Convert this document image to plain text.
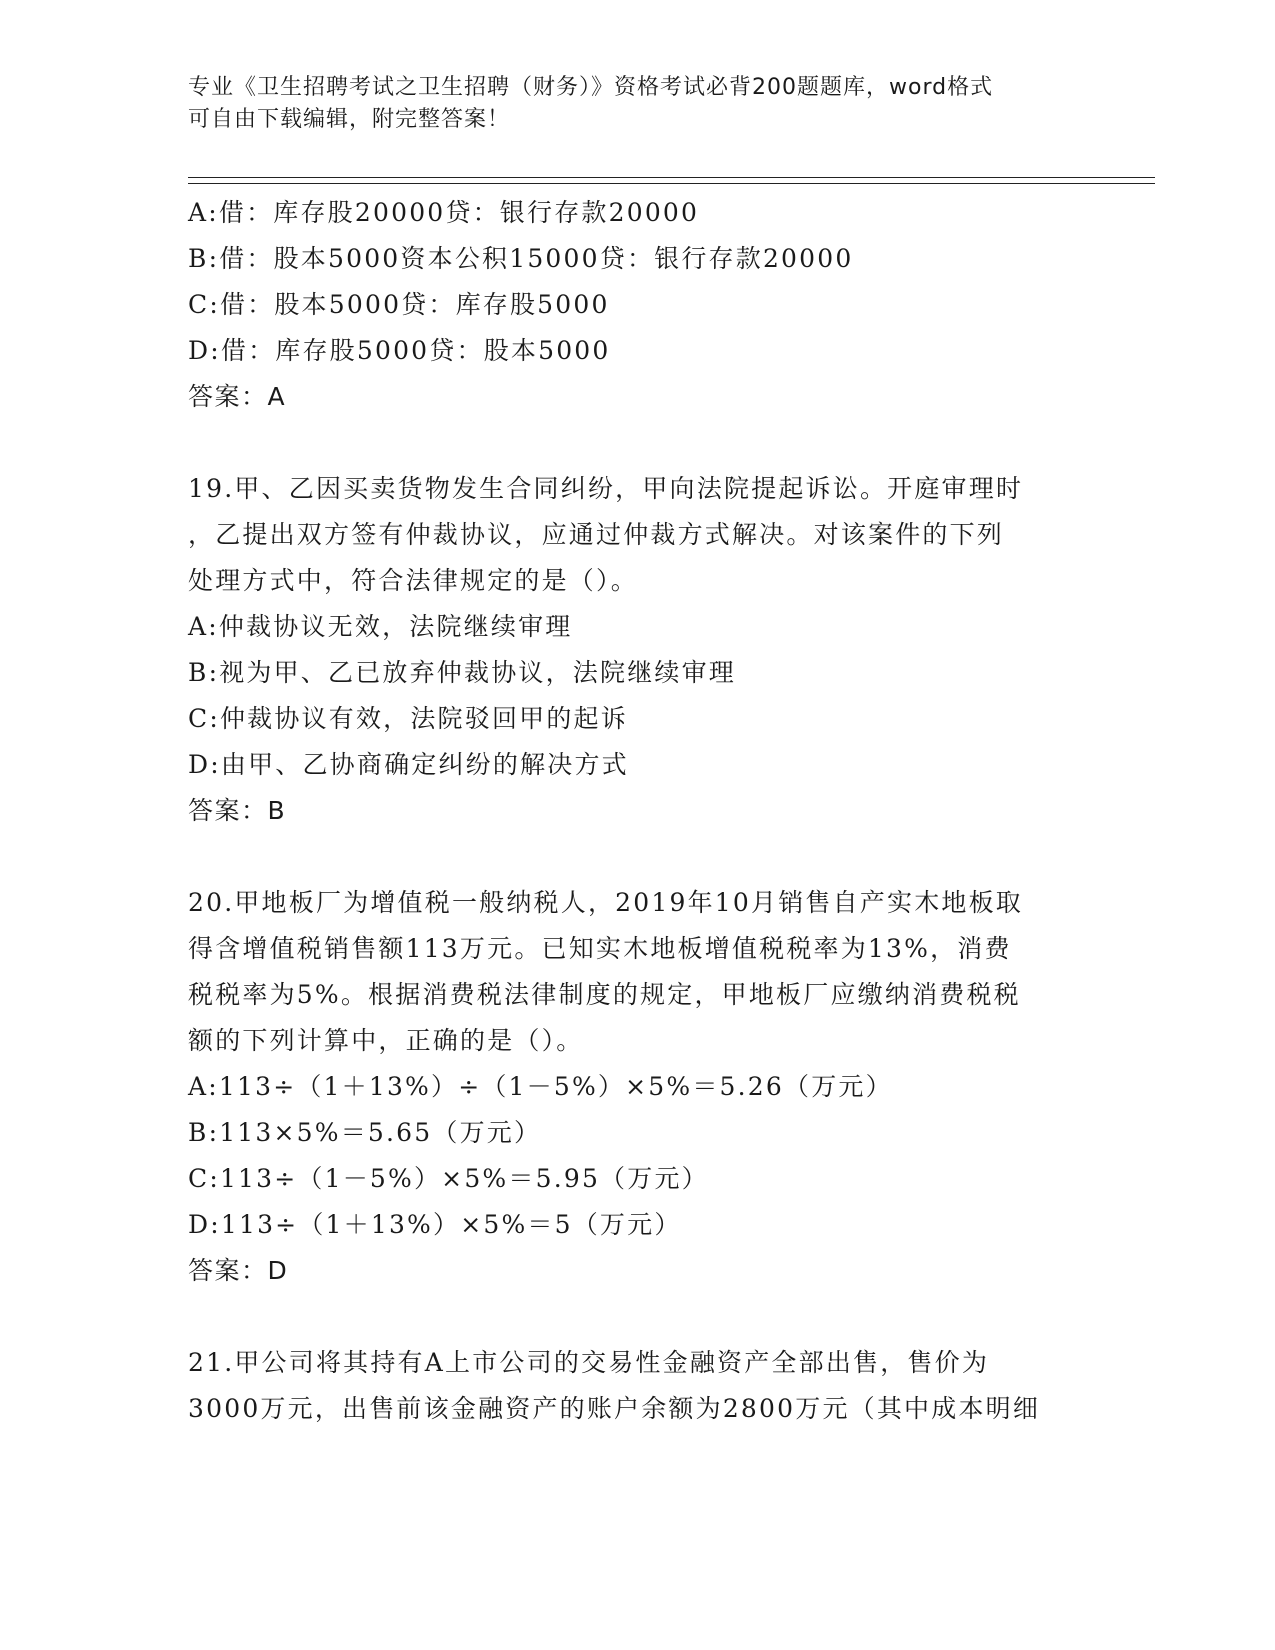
专业《卫生招聘考试之卫生招聘（财务）》资格考试必背200题题库，word格式
可自由下载编辑，附完整答案！
A:借：库存股20000贷：银行存款20000
B:借：股本5000资本公积15000贷：银行存款20000
C:借：股本5000贷：库存股5000
D:借：库存股5000贷：股本5000
答案：A
19.甲、乙因买卖货物发生合同纠纷，甲向法院提起诉讼。开庭审理时
，乙提出双方签有仲裁协议，应通过仲裁方式解决。对该案件的下列
处理方式中，符合法律规定的是（）。
A:仲裁协议无效，法院继续审理
B:视为甲、乙已放弃仲裁协议，法院继续审理
C:仲裁协议有效，法院驳回甲的起诉
D:由甲、乙协商确定纠纷的解决方式
答案：B
20.甲地板厂为增值税一般纳税人，2019年10月销售自产实木地板取
得含增值税销售额113万元。已知实木地板增值税税率为13%，消费
税税率为5%。根据消费税法律制度的规定，甲地板厂应缴纳消费税税
额的下列计算中，正确的是（）。
A:113÷（1＋13%）÷（1－5%）×5%＝5.26（万元）
B:113×5%＝5.65（万元）
C:113÷（1－5%）×5%＝5.95（万元）
D:113÷（1＋13%）×5%＝5（万元）
答案：D
21.甲公司将其持有A上市公司的交易性金融资产全部出售，售价为
3000万元，出售前该金融资产的账户余额为2800万元（其中成本明细
